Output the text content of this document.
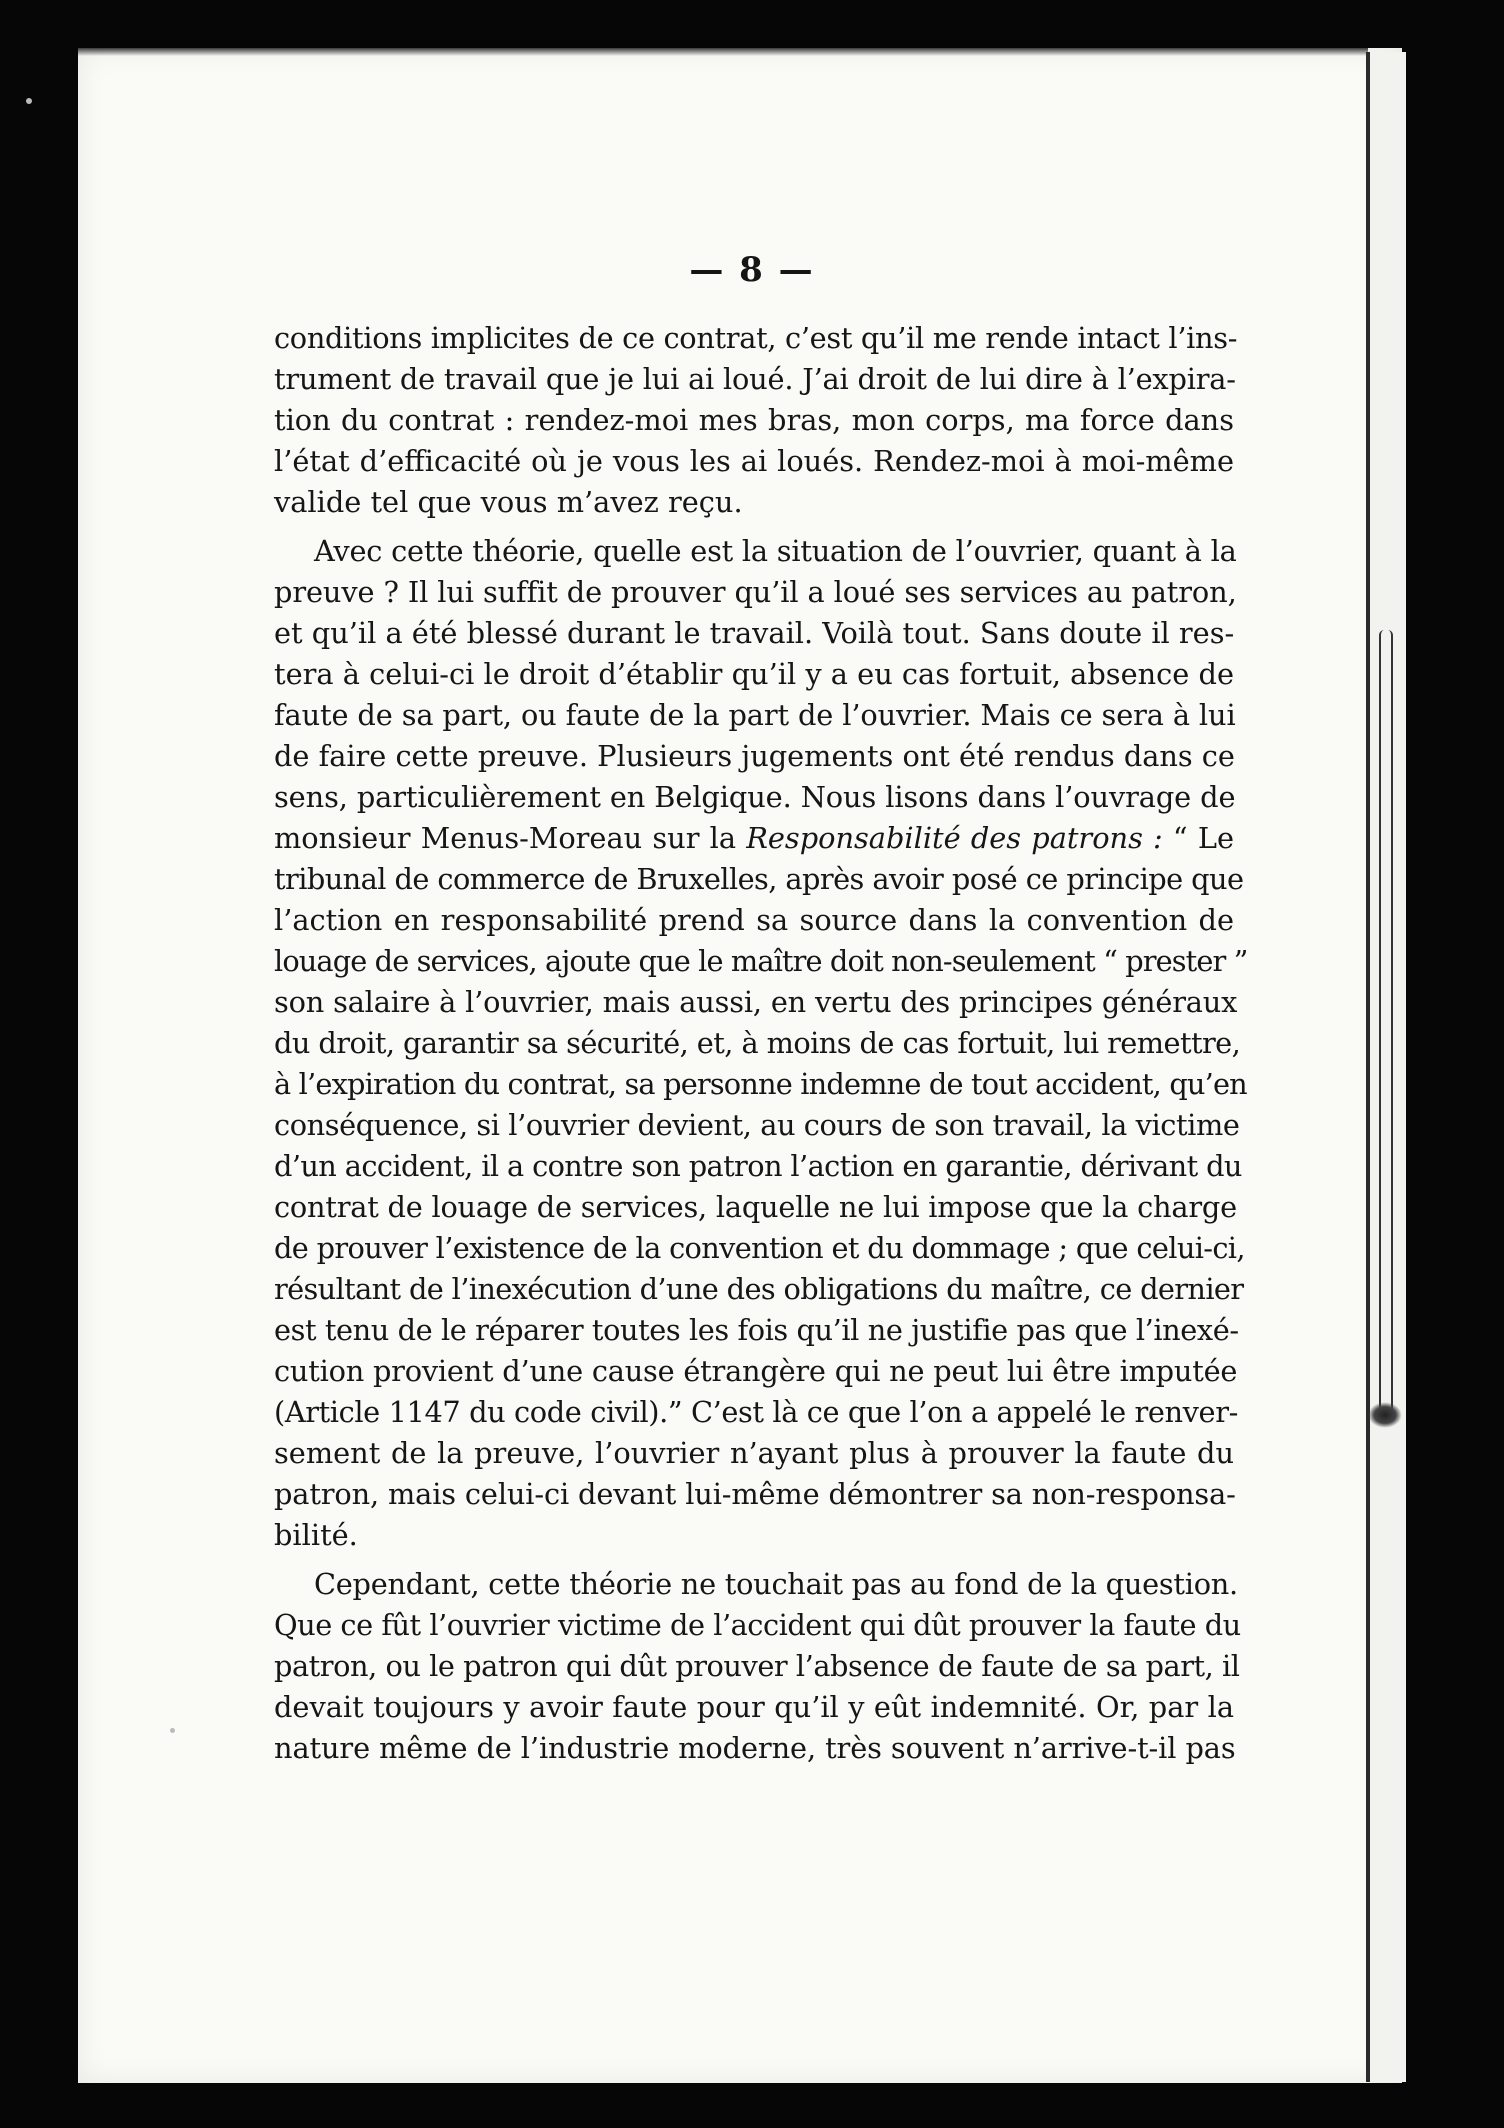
— 8 —

conditions implicites de ce contrat, c’est qu’il me rende intact l’ins-
trument de travail que je lui ai loué. J’ai droit de lui dire à l’expira-
tion du contrat : rendez-moi mes bras, mon corps, ma force dans
l’état d’efficacité où je vous les ai loués. Rendez-moi à moi-même
valide tel que vous m’avez reçu.

Avec cette théorie, quelle est la situation de l’ouvrier, quant à la
preuve ? Il lui suffit de prouver qu’il a loué ses services au patron,
et qu’il a été blessé durant le travail. Voilà tout. Sans doute il res-
tera à celui-ci le droit d’établir qu’il y a eu cas fortuit, absence de
faute de sa part, ou faute de la part de l’ouvrier. Mais ce sera à lui
de faire cette preuve. Plusieurs jugements ont été rendus dans ce
sens, particulièrement en Belgique. Nous lisons dans l’ouvrage de
monsieur Menus-Moreau sur la Responsabilité des patrons : “ Le
tribunal de commerce de Bruxelles, après avoir posé ce principe que
l’action en responsabilité prend sa source dans la convention de
louage de services, ajoute que le maître doit non-seulement “ prester ”
son salaire à l’ouvrier, mais aussi, en vertu des principes généraux
du droit, garantir sa sécurité, et, à moins de cas fortuit, lui remettre,
à l’expiration du contrat, sa personne indemne de tout accident, qu’en
conséquence, si l’ouvrier devient, au cours de son travail, la victime
d’un accident, il a contre son patron l’action en garantie, dérivant du
contrat de louage de services, laquelle ne lui impose que la charge
de prouver l’existence de la convention et du dommage ; que celui-ci,
résultant de l’inexécution d’une des obligations du maître, ce dernier
est tenu de le réparer toutes les fois qu’il ne justifie pas que l’inexé-
cution provient d’une cause étrangère qui ne peut lui être imputée
(Article 1147 du code civil).” C’est là ce que l’on a appelé le renver-
sement de la preuve, l’ouvrier n’ayant plus à prouver la faute du
patron, mais celui-ci devant lui-même démontrer sa non-responsa-
bilité.

Cependant, cette théorie ne touchait pas au fond de la question.
Que ce fût l’ouvrier victime de l’accident qui dût prouver la faute du
patron, ou le patron qui dût prouver l’absence de faute de sa part, il
devait toujours y avoir faute pour qu’il y eût indemnité. Or, par la
nature même de l’industrie moderne, très souvent n’arrive-t-il pas
